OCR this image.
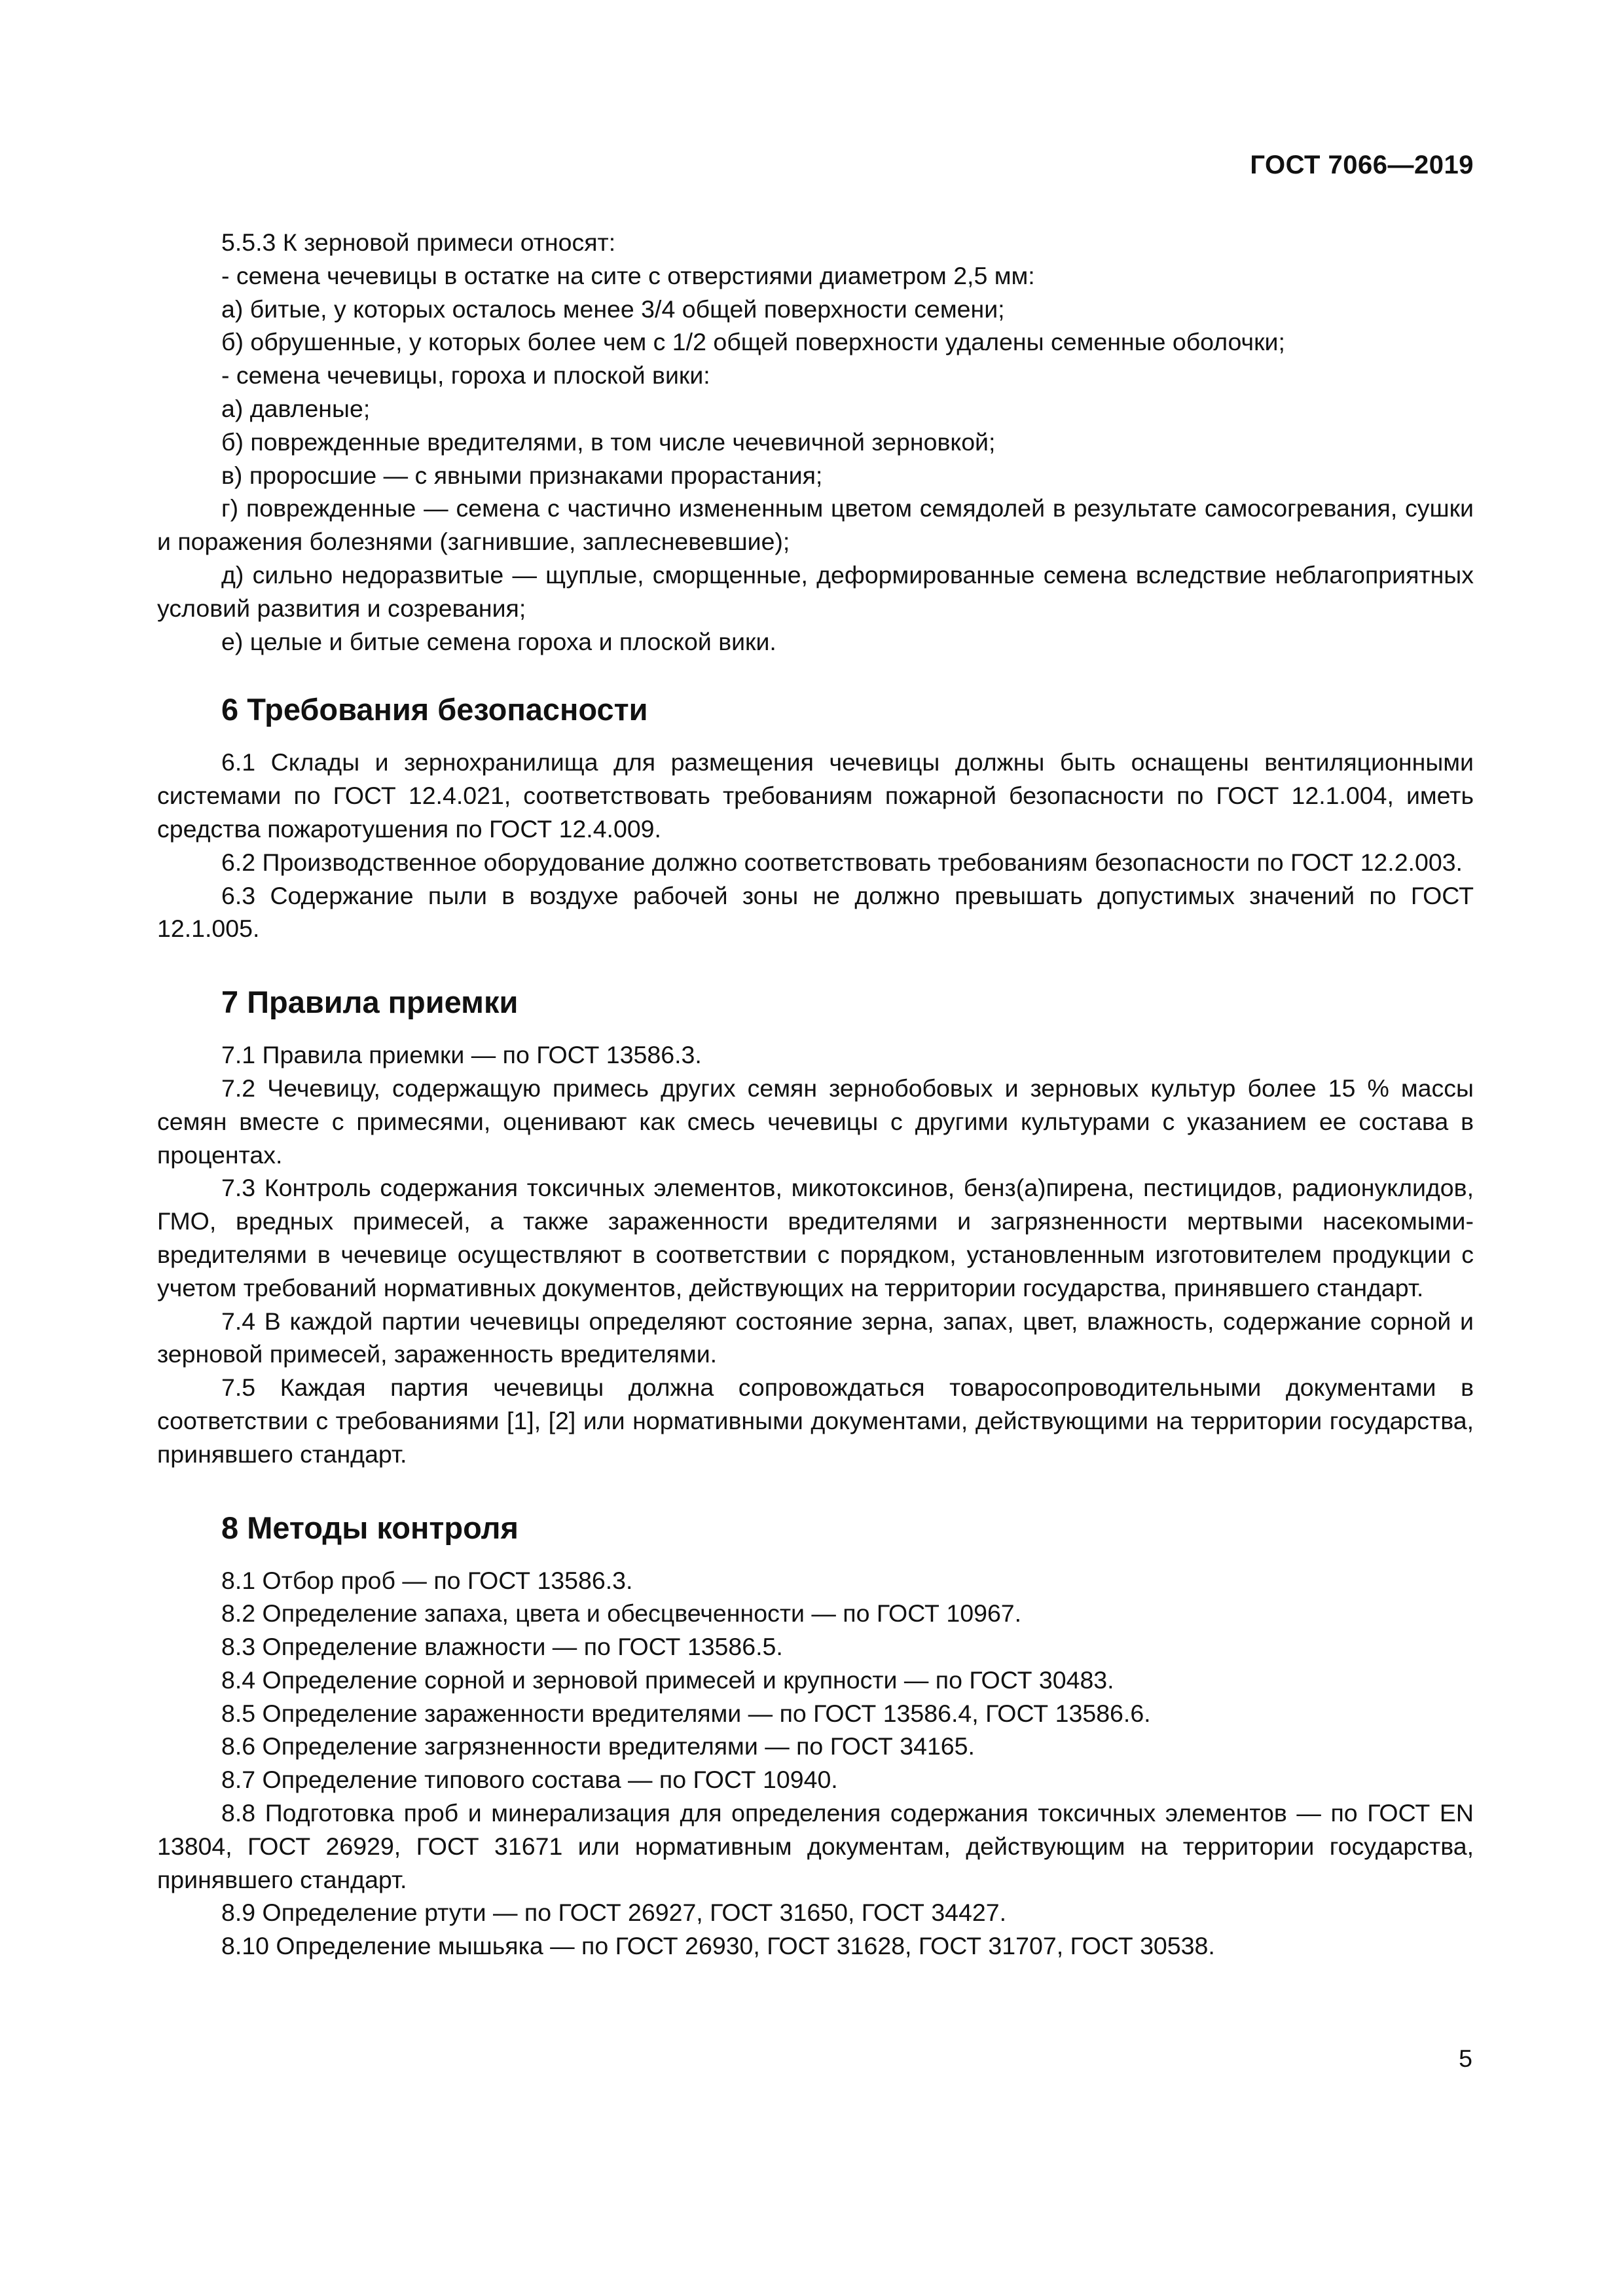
ГОСТ 7066—2019

5.5.3 К зерновой примеси относят:

- семена чечевицы в остатке на сите с отверстиями диаметром 2,5 мм:

а) битые, у которых осталось менее 3/4 общей поверхности семени;

б) обрушенные, у которых более чем с 1/2 общей поверхности удалены семенные оболочки;

- семена чечевицы, гороха и плоской вики:

а) давленые;

б) поврежденные вредителями, в том числе чечевичной зерновкой;

в) проросшие — с явными признаками прорастания;

г) поврежденные — семена с частично измененным цветом семядолей в результате самосогревания, сушки и поражения болезнями (загнившие, заплесневевшие);

д) сильно недоразвитые — щуплые, сморщенные, деформированные семена вследствие неблагоприятных условий развития и созревания;

е) целые и битые семена гороха и плоской вики.

6 Требования безопасности

6.1 Склады и зернохранилища для размещения чечевицы должны быть оснащены вентиляционными системами по ГОСТ 12.4.021, соответствовать требованиям пожарной безопасности по ГОСТ 12.1.004, иметь средства пожаротушения по ГОСТ 12.4.009.

6.2 Производственное оборудование должно соответствовать требованиям безопасности по ГОСТ 12.2.003.

6.3 Содержание пыли в воздухе рабочей зоны не должно превышать допустимых значений по ГОСТ 12.1.005.

7 Правила приемки

7.1 Правила приемки — по ГОСТ 13586.3.

7.2 Чечевицу, содержащую примесь других семян зернобобовых и зерновых культур более 15 % массы семян вместе с примесями, оценивают как смесь чечевицы с другими культурами с указанием ее состава в процентах.

7.3 Контроль содержания токсичных элементов, микотоксинов, бенз(а)пирена, пестицидов, радионуклидов, ГМО, вредных примесей, а также зараженности вредителями и загрязненности мертвыми насекомыми-вредителями в чечевице осуществляют в соответствии с порядком, установленным изготовителем продукции с учетом требований нормативных документов, действующих на территории государства, принявшего стандарт.

7.4 В каждой партии чечевицы определяют состояние зерна, запах, цвет, влажность, содержание сорной и зерновой примесей, зараженность вредителями.

7.5 Каждая партия чечевицы должна сопровождаться товаросопроводительными документами в соответствии с требованиями [1], [2] или нормативными документами, действующими на территории государства, принявшего стандарт.

8 Методы контроля

8.1 Отбор проб — по ГОСТ 13586.3.

8.2 Определение запаха, цвета и обесцвеченности — по ГОСТ 10967.

8.3 Определение влажности — по ГОСТ 13586.5.

8.4 Определение сорной и зерновой примесей и крупности — по ГОСТ 30483.

8.5 Определение зараженности вредителями — по ГОСТ 13586.4, ГОСТ 13586.6.

8.6 Определение загрязненности вредителями — по ГОСТ 34165.

8.7 Определение типового состава — по ГОСТ 10940.

8.8 Подготовка проб и минерализация для определения содержания токсичных элементов — по ГОСТ EN 13804, ГОСТ 26929, ГОСТ 31671 или нормативным документам, действующим на территории государства, принявшего стандарт.

8.9 Определение ртути — по ГОСТ 26927, ГОСТ 31650, ГОСТ 34427.

8.10 Определение мышьяка — по ГОСТ 26930, ГОСТ 31628, ГОСТ 31707, ГОСТ 30538.

5
